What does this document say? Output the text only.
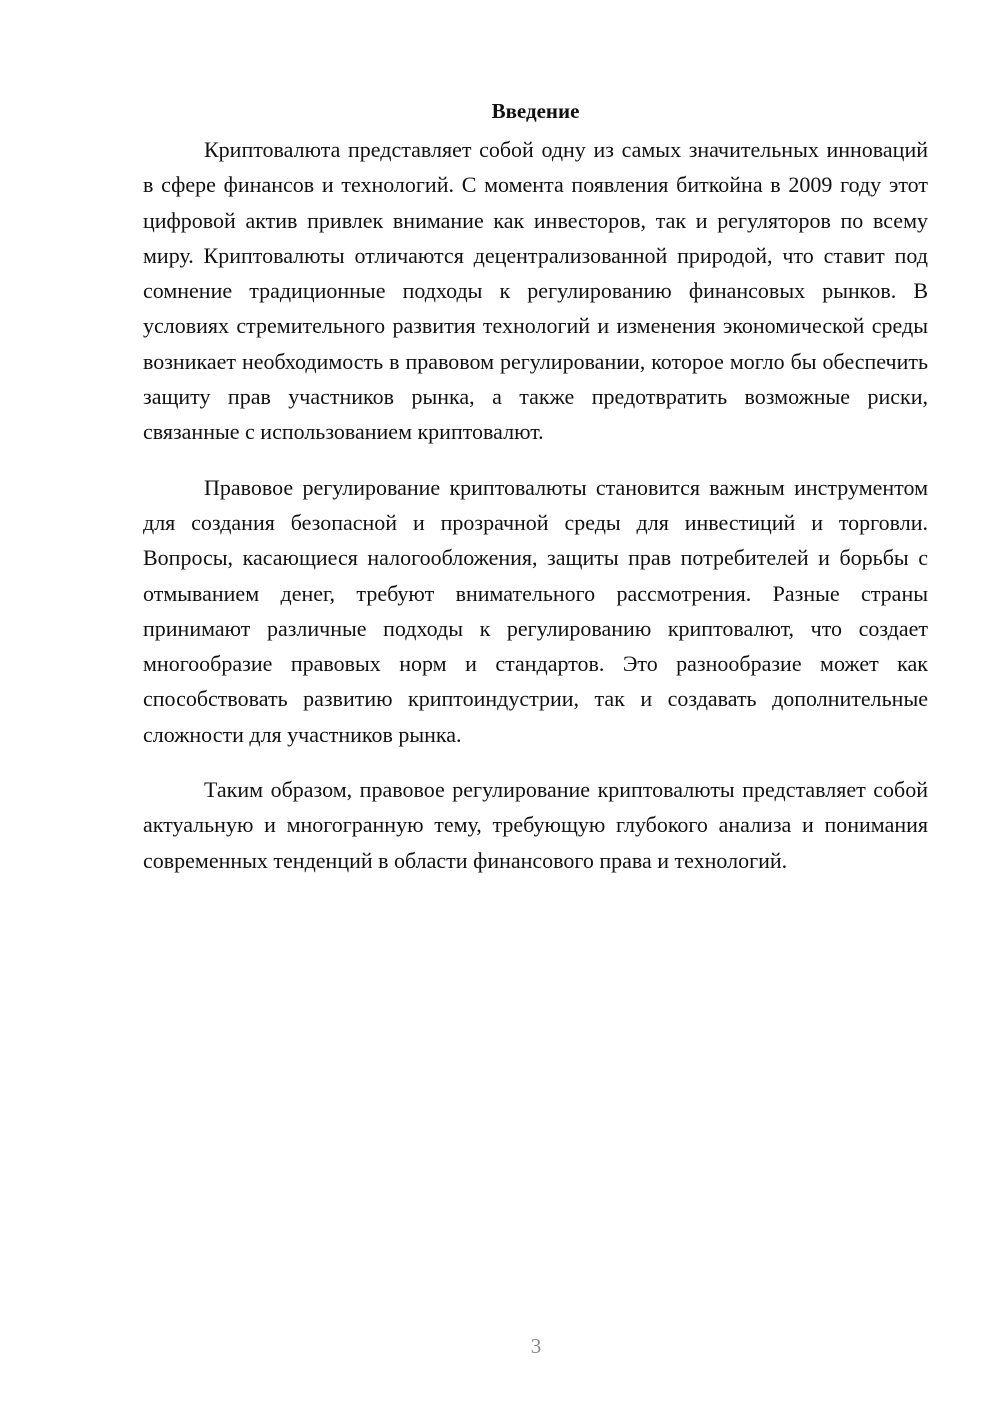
Введение

Криптовалюта представляет собой одну из самых значительных инноваций в сфере финансов и технологий. С момента появления биткойна в 2009 году этот цифровой актив привлек внимание как инвесторов, так и регуляторов по всему миру. Криптовалюты отличаются децентрализованной природой, что ставит под сомнение традиционные подходы к регулированию финансовых рынков. В условиях стремительного развития технологий и изменения экономической среды возникает необходимость в правовом регулировании, которое могло бы обеспечить защиту прав участников рынка, а также предотвратить возможные риски, связанные с использованием криптовалют.

Правовое регулирование криптовалюты становится важным инструментом для создания безопасной и прозрачной среды для инвестиций и торговли. Вопросы, касающиеся налогообложения, защиты прав потребителей и борьбы с отмыванием денег, требуют внимательного рассмотрения. Разные страны принимают различные подходы к регулированию криптовалют, что создает многообразие правовых норм и стандартов. Это разнообразие может как способствовать развитию криптоиндустрии, так и создавать дополнительные сложности для участников рынка.

Таким образом, правовое регулирование криптовалюты представляет собой актуальную и многогранную тему, требующую глубокого анализа и понимания современных тенденций в области финансового права и технологий.

3
